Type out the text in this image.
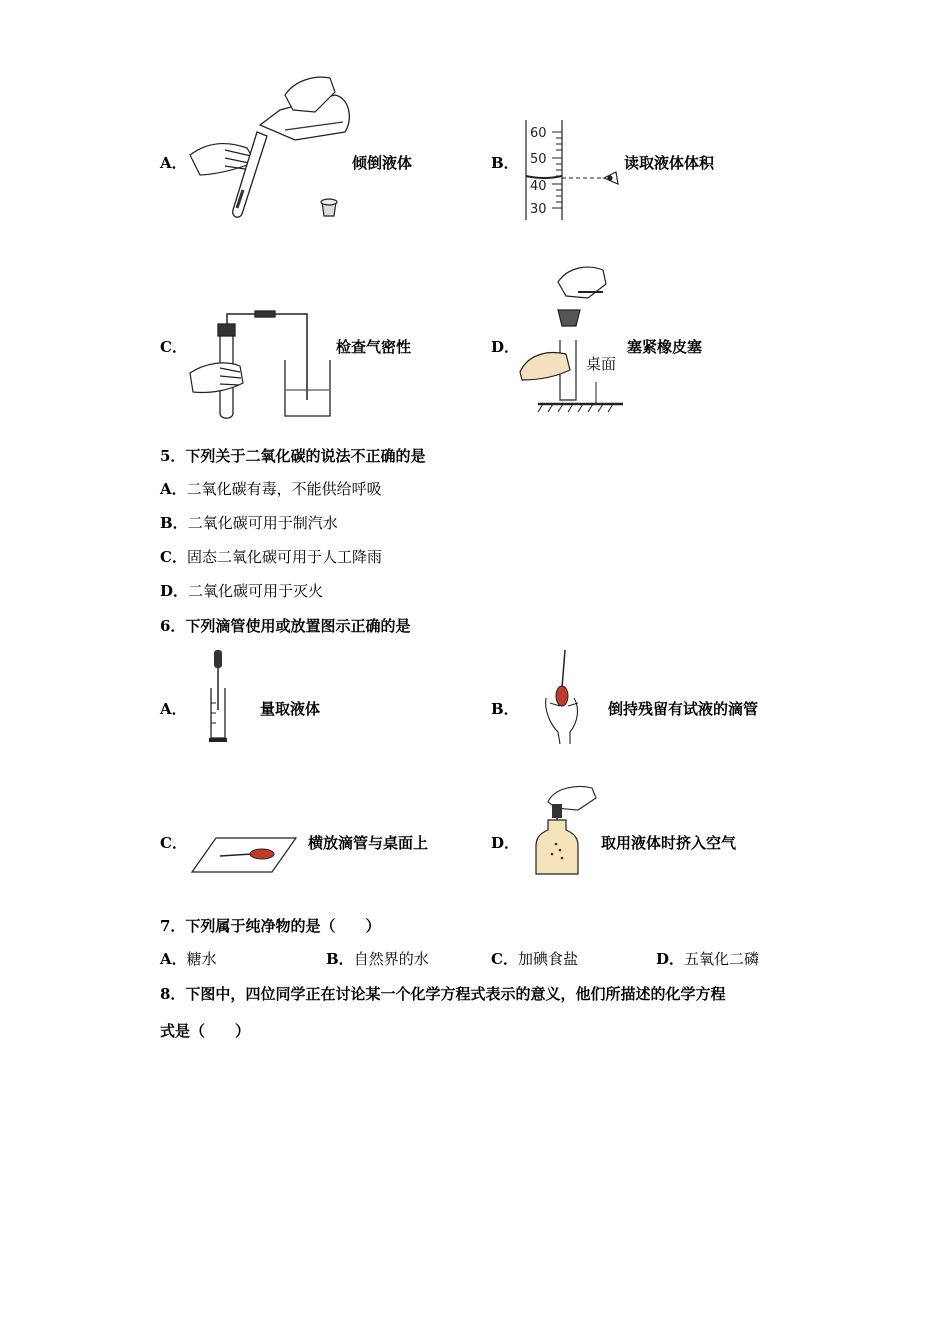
A．	倾倒液体	B．
60
50
40
30
读取液体体积
C．	检查气密性	D．
桌面
塞紧橡皮塞
5．下列关于二氧化碳的说法不正确的是
A．二氧化碳有毒，不能供给呼吸
B．二氧化碳可用于制汽水
C．固态二氧化碳可用于人工降雨
D．二氧化碳可用于灭火
6．下列滴管使用或放置图示正确的是
A．	量取液体	B．	倒持残留有试液的滴管
C．	横放滴管与桌面上	D．	取用液体时挤入空气
7．下列属于纯净物的是（　　）
A．糖水	B．自然界的水	C．加碘食盐	D．五氧化二磷
8．下图中，四位同学正在讨论某一个化学方程式表示的意义，他们所描述的化学方程
式是（　　）
